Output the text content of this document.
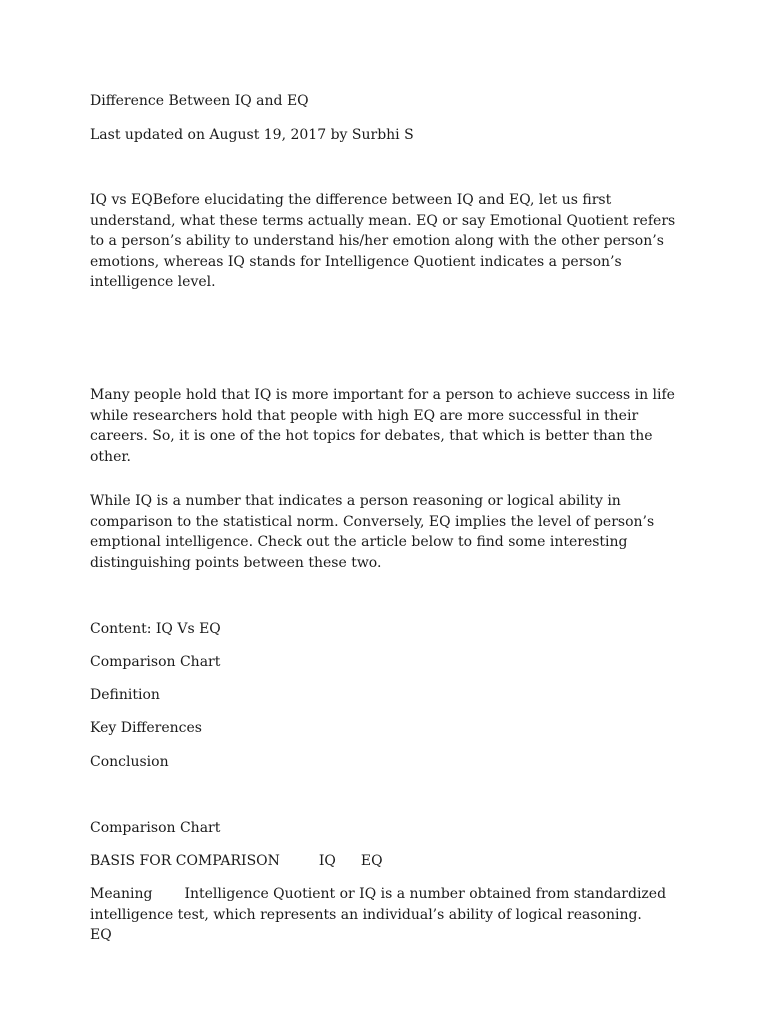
Difference Between IQ and EQ

Last updated on August 19, 2017 by Surbhi S

IQ vs EQBefore elucidating the difference between IQ and EQ, let us first understand, what these terms actually mean. EQ or say Emotional Quotient refers to a person’s ability to understand his/her emotion along with the other person’s emotions, whereas IQ stands for Intelligence Quotient indicates a person’s intelligence level.

Many people hold that IQ is more important for a person to achieve success in life while researchers hold that people with high EQ are more successful in their careers. So, it is one of the hot topics for debates, that which is better than the other.

While IQ is a number that indicates a person reasoning or logical ability in comparison to the statistical norm. Conversely, EQ implies the level of person’s emptional intelligence. Check out the article below to find some interesting distinguishing points between these two.

Content: IQ Vs EQ

Comparison Chart

Definition

Key Differences

Conclusion

Comparison Chart

BASIS FOR COMPARISON	IQ EQ

Meaning Intelligence Quotient or IQ is a number obtained from standardized intelligence test, which represents an individual’s ability of logical reasoning.EQ
